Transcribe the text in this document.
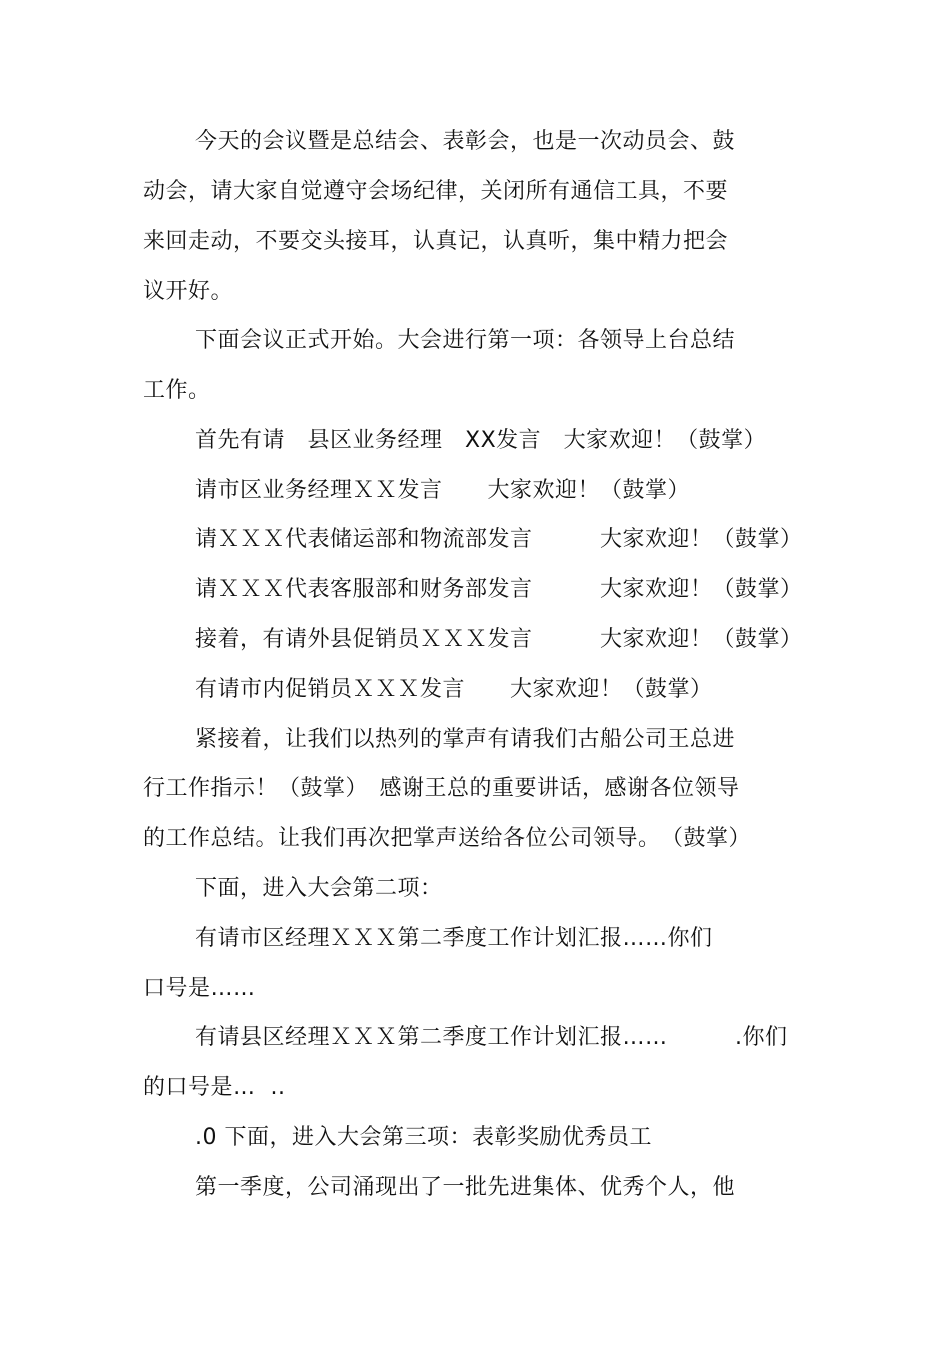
今天的会议暨是总结会、表彰会，也是一次动员会、鼓
动会，请大家自觉遵守会场纪律，关闭所有通信工具，不要
来回走动，不要交头接耳，认真记，认真听，集中精力把会
议开好。
下面会议正式开始。大会进行第一项：各领导上台总结
工作。
首先有请　县区业务经理　XX发言　大家欢迎！（鼓掌）
请市区业务经理ＸＸ发言　　大家欢迎！（鼓掌）
请ＸＸＸ代表储运部和物流部发言　　　大家欢迎！（鼓掌）
请ＸＸＸ代表客服部和财务部发言　　　大家欢迎！（鼓掌）
接着，有请外县促销员ＸＸＸ发言　　　大家欢迎！（鼓掌）
有请市内促销员ＸＸＸ发言　　大家欢迎！（鼓掌）
紧接着，让我们以热列的掌声有请我们古船公司王总进
行工作指示！（鼓掌）　感谢王总的重要讲话，感谢各位领导
的工作总结。让我们再次把掌声送给各位公司领导。　（鼓掌）
下面，进入大会第二项：
有请市区经理ＸＸＸ第二季度工作计划汇报……你们
口号是……
有请县区经理ＸＸＸ第二季度工作计划汇报……　　　.你们
的口号是…  ..
.0 下面，进入大会第三项：表彰奖励优秀员工
第一季度，公司涌现出了一批先进集体、优秀个人，他
